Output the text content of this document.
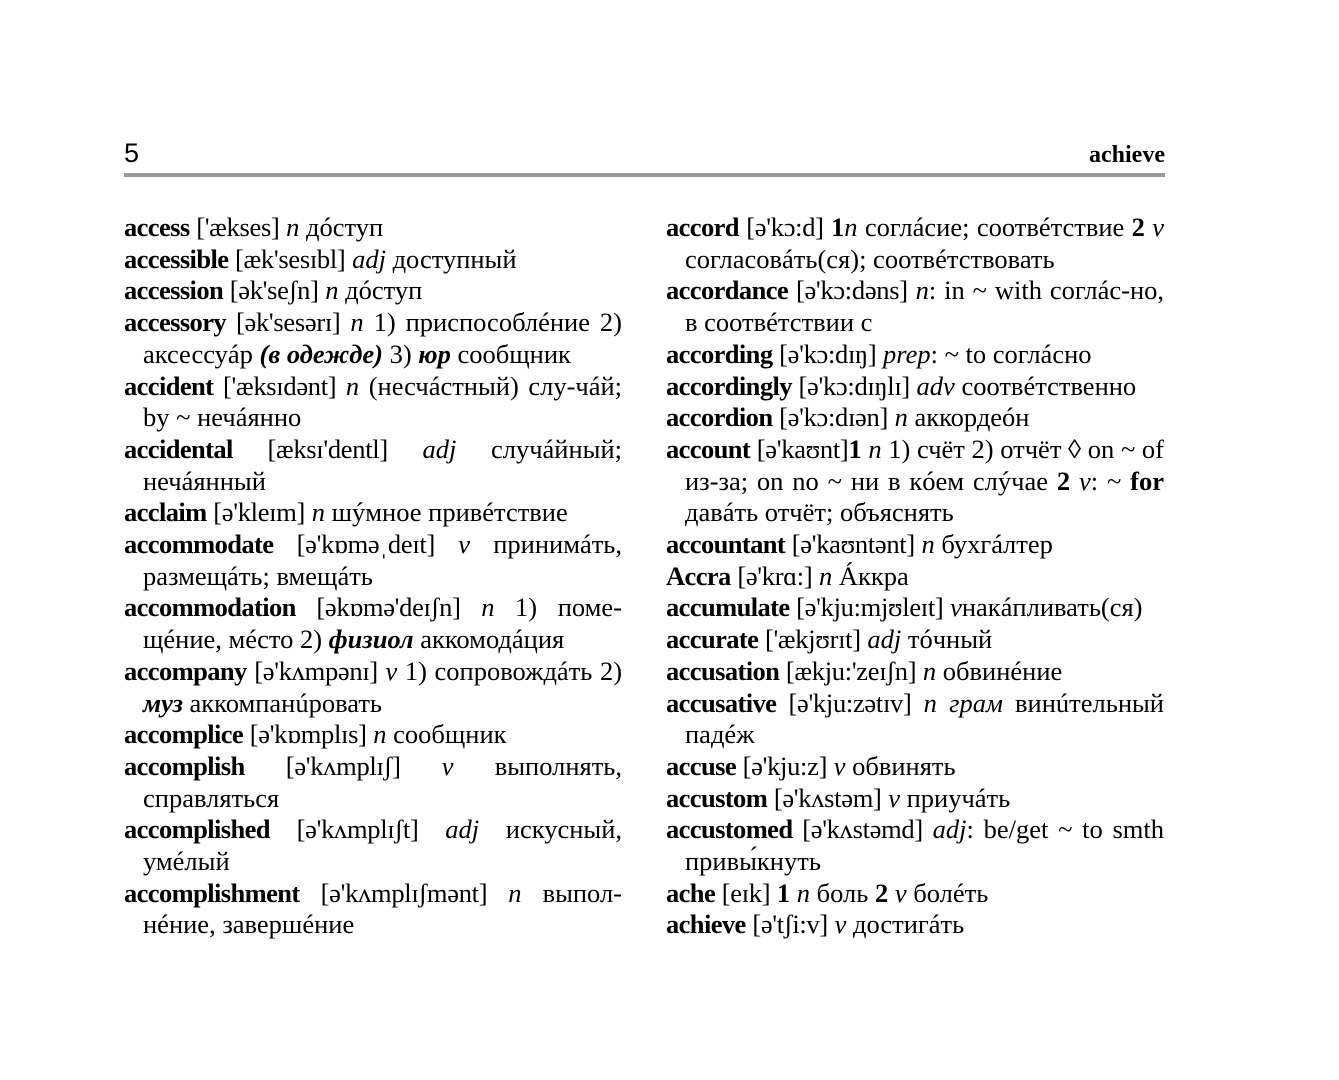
5	achieve
access ['ækses] n дóступ
accessible [æk'sesɪbl] adj доступный
accession [ək'seʃn] n дóступ
accessory [ək'sesərɪ] n 1) приспособлéние 2) аксессуáр (в одежде) 3) юр сообщник
accident ['æksɪdənt] n (несчáстный) слу-чáй; by ~ нечáянно
accidental [æksɪ'dentl] adj случáйный; нечáянный
acclaim [ə'kleɪm] n шýмное привéтствие
accommodate [ə'kɒməˌdeɪt] v принимáть, размещáть; вмещáть
accommodation [əkɒmə'deɪʃn] n 1) поме-щéние, мéсто 2) физиол аккомодáция
accompany [ə'kʌmpənɪ] v 1) сопровождáть 2) муз аккомпанúровать
accomplice [ə'kɒmplɪs] n сообщник
accomplish [ə'kʌmplɪʃ] v выполнять, справляться
accomplished [ə'kʌmplɪʃt] adj искусный, умéлый
accomplishment [ə'kʌmplɪʃmənt] n выпол-нéние, завершéние
accord [ə'kɔ:d] 1n соглáсие; соотвéтствие 2 v согласовáть(ся); соотвéтствовать
accordance [ə'kɔ:dəns] n: in ~ with соглáс-но, в соотвéтствии с
according [ə'kɔ:dɪŋ] prep: ~ to соглáсно
accordingly [ə'kɔ:dɪŋlɪ] adv соотвéтственно
accordion [ə'kɔ:dɪən] n аккордеóн
account [ə'kaʊnt]1 n 1) счёт 2) отчёт ◊ on ~ of из-за; on no ~ ни в кóем слýчае 2 v: ~ for давáть отчёт; объяснять
accountant [ə'kaʊntənt] n бухгáлтер
Accra [ə'krɑ:] n Áккра
accumulate [ə'kju:mjʊleɪt] vнакáпливать(ся)
accurate ['ækjʊrɪt] adj тóчный
accusation [ækju:'zeɪʃn] n обвинéние
accusative [ə'kju:zətɪv] n грам винúтельный падéж
accuse [ə'kju:z] v обвинять
accustom [ə'kʌstəm] v приучáть
accustomed [ə'kʌstəmd] adj: be/get ~ to smth привы́кнуть
ache [eɪk] 1 n боль 2 v болéть
achieve [ə'tʃi:v] v достигáть
